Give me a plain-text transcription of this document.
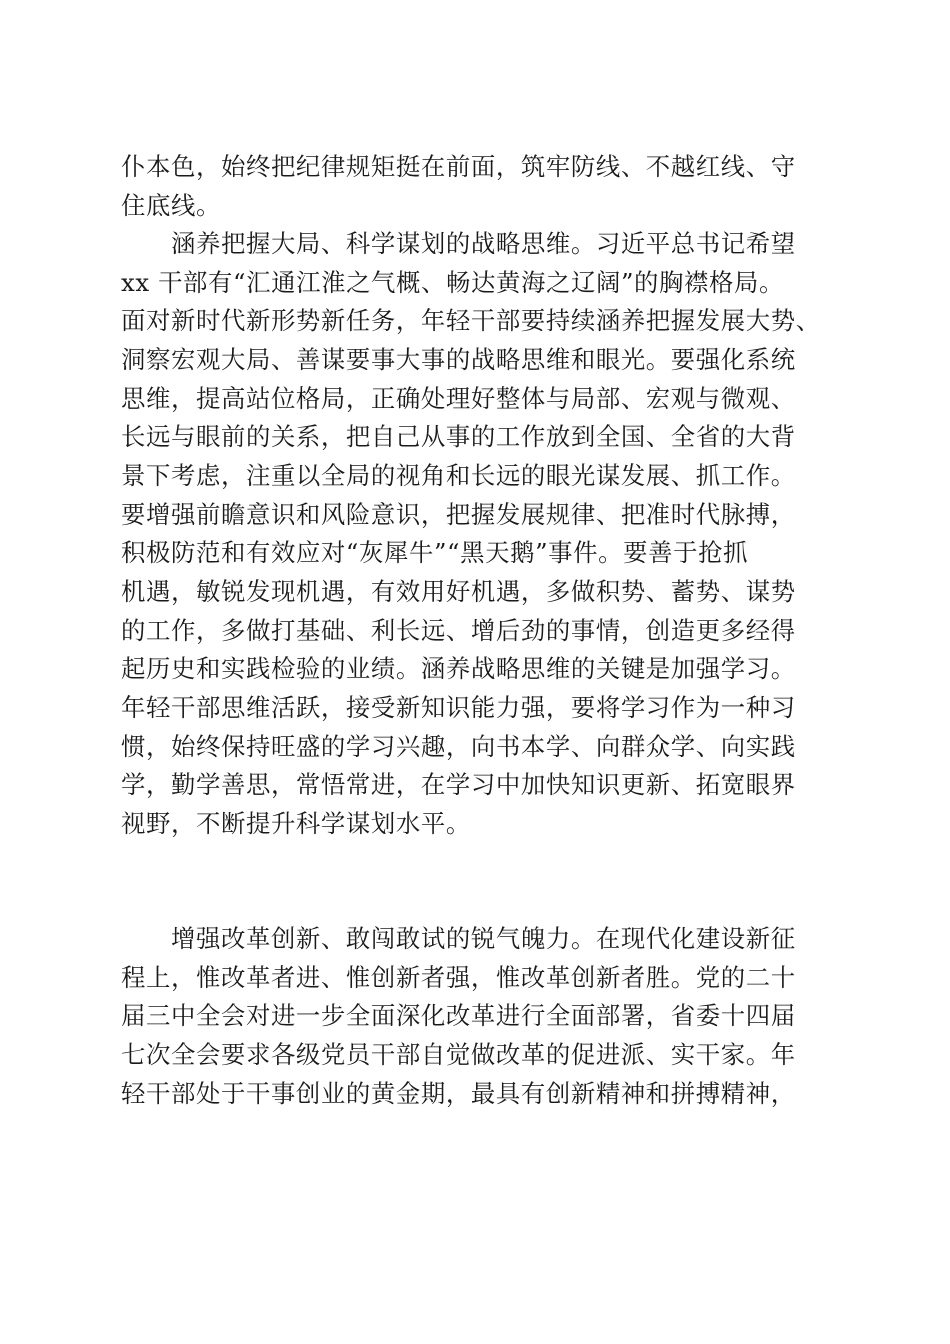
仆本色，始终把纪律规矩挺在前面，筑牢防线、不越红线、守
住底线。
　　涵养把握大局、科学谋划的战略思维。习近平总书记希望
xx 干部有“汇通江淮之气概、畅达黄海之辽阔”的胸襟格局。
面对新时代新形势新任务，年轻干部要持续涵养把握发展大势、
洞察宏观大局、善谋要事大事的战略思维和眼光。要强化系统
思维，提高站位格局，正确处理好整体与局部、宏观与微观、
长远与眼前的关系，把自己从事的工作放到全国、全省的大背
景下考虑，注重以全局的视角和长远的眼光谋发展、抓工作。
要增强前瞻意识和风险意识，把握发展规律、把准时代脉搏，
积极防范和有效应对“灰犀牛”“黑天鹅”事件。要善于抢抓
机遇，敏锐发现机遇，有效用好机遇，多做积势、蓄势、谋势
的工作，多做打基础、利长远、增后劲的事情，创造更多经得
起历史和实践检验的业绩。涵养战略思维的关键是加强学习。
年轻干部思维活跃，接受新知识能力强，要将学习作为一种习
惯，始终保持旺盛的学习兴趣，向书本学、向群众学、向实践
学，勤学善思，常悟常进，在学习中加快知识更新、拓宽眼界
视野，不断提升科学谋划水平。
　　增强改革创新、敢闯敢试的锐气魄力。在现代化建设新征
程上，惟改革者进、惟创新者强，惟改革创新者胜。党的二十
届三中全会对进一步全面深化改革进行全面部署，省委十四届
七次全会要求各级党员干部自觉做改革的促进派、实干家。年
轻干部处于干事创业的黄金期，最具有创新精神和拼搏精神，
